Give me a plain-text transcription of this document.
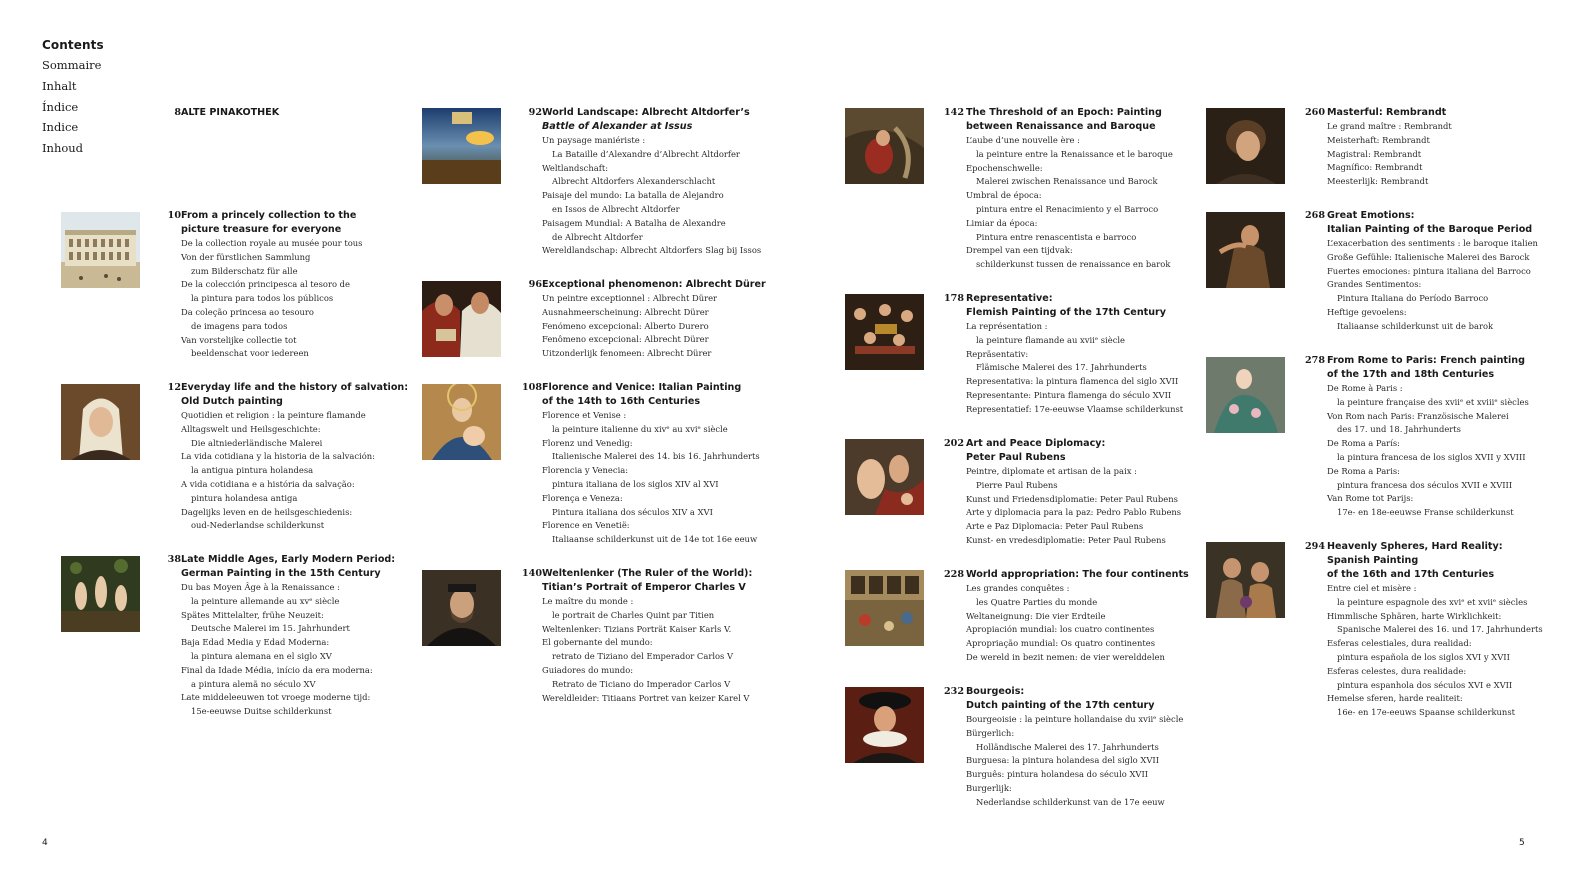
Contents
Sommaire
Inhalt
Índice
Indice
Inhoud
8 ALTE PINAKOTHEK
10 From a princely collection to the
picture treasure for everyone
De la collection royale au musée pour tous
Von der fürstlichen Sammlung
zum Bilderschatz für alle
De la colección principesca al tesoro de
la pintura para todos los públicos
Da coleção princesa ao tesouro
de imagens para todos
Van vorstelijke collectie tot
beeldenschat voor iedereen
12 Everyday life and the history of salvation:
Old Dutch painting
Quotidien et religion : la peinture flamande
Alltagswelt und Heilsgeschichte:
Die altniederländische Malerei
La vida cotidiana y la historia de la salvación:
la antigua pintura holandesa
A vida cotidiana e a história da salvação:
pintura holandesa antiga
Dagelijks leven en de heilsgeschiedenis:
oud-Nederlandse schilderkunst
38 Late Middle Ages, Early Modern Period:
German Painting in the 15th Century
Du bas Moyen Âge à la Renaissance :
la peinture allemande au xvᵉ siècle
Spätes Mittelalter, frühe Neuzeit:
Deutsche Malerei im 15. Jahrhundert
Baja Edad Media y Edad Moderna:
la pintura alemana en el siglo XV
Final da Idade Média, início da era moderna:
a pintura alemã no século XV
Late middeleeuwen tot vroege moderne tijd:
15e-eeuwse Duitse schilderkunst
92 World Landscape: Albrecht Altdorfer’s
Battle of Alexander at Issus
Un paysage maniériste :
La Bataille d’Alexandre d’Albrecht Altdorfer
Weltlandschaft:
Albrecht Altdorfers Alexanderschlacht
Paisaje del mundo: La batalla de Alejandro
en Issos de Albrecht Altdorfer
Paisagem Mundial: A Batalha de Alexandre
de Albrecht Altdorfer
Wereldlandschap: Albrecht Altdorfers Slag bij Issos
96 Exceptional phenomenon: Albrecht Dürer
Un peintre exceptionnel : Albrecht Dürer
Ausnahmeerscheinung: Albrecht Dürer
Fenómeno excepcional: Alberto Durero
Fenômeno excepcional: Albrecht Dürer
Uitzonderlijk fenomeen: Albrecht Dürer
108 Florence and Venice: Italian Painting
of the 14th to 16th Centuries
Florence et Venise :
la peinture italienne du xivᵉ au xviᵉ siècle
Florenz und Venedig:
Italienische Malerei des 14. bis 16. Jahrhunderts
Florencia y Venecia:
pintura italiana de los siglos XIV al XVI
Florença e Veneza:
Pintura italiana dos séculos XIV a XVI
Florence en Venetië:
Italiaanse schilderkunst uit de 14e tot 16e eeuw
140 Weltenlenker (The Ruler of the World):
Titian’s Portrait of Emperor Charles V
Le maître du monde :
le portrait de Charles Quint par Titien
Weltenlenker: Tizians Porträt Kaiser Karls V.
El gobernante del mundo:
retrato de Tiziano del Emperador Carlos V
Guiadores do mundo:
Retrato de Ticiano do Imperador Carlos V
Wereldleider: Titiaans Portret van keizer Karel V
142 The Threshold of an Epoch: Painting
between Renaissance and Baroque
L’aube d’une nouvelle ère :
la peinture entre la Renaissance et le baroque
Epochenschwelle:
Malerei zwischen Renaissance und Barock
Umbral de época:
pintura entre el Renacimiento y el Barroco
Limiar da época:
Pintura entre renascentista e barroco
Drempel van een tijdvak:
schilderkunst tussen de renaissance en barok
178 Representative:
Flemish Painting of the 17th Century
La représentation :
la peinture flamande au xviiᵉ siècle
Repräsentativ:
Flämische Malerei des 17. Jahrhunderts
Representativa: la pintura flamenca del siglo XVII
Representante: Pintura flamenga do século XVII
Representatief: 17e-eeuwse Vlaamse schilderkunst
202 Art and Peace Diplomacy:
Peter Paul Rubens
Peintre, diplomate et artisan de la paix :
Pierre Paul Rubens
Kunst und Friedensdiplomatie: Peter Paul Rubens
Arte y diplomacia para la paz: Pedro Pablo Rubens
Arte e Paz Diplomacia: Peter Paul Rubens
Kunst- en vredesdiplomatie: Peter Paul Rubens
228 World appropriation: The four continents
Les grandes conquêtes :
les Quatre Parties du monde
Weltaneignung: Die vier Erdteile
Apropiación mundial: los cuatro continentes
Apropriação mundial: Os quatro continentes
De wereld in bezit nemen: de vier werelddelen
232 Bourgeois:
Dutch painting of the 17th century
Bourgeoisie : la peinture hollandaise du xviiᵉ siècle
Bürgerlich:
Holländische Malerei des 17. Jahrhunderts
Burguesa: la pintura holandesa del siglo XVII
Burguês: pintura holandesa do século XVII
Burgerlijk:
Nederlandse schilderkunst van de 17e eeuw
260 Masterful: Rembrandt
Le grand maître : Rembrandt
Meisterhaft: Rembrandt
Magistral: Rembrandt
Magnífico: Rembrandt
Meesterlijk: Rembrandt
268 Great Emotions:
Italian Painting of the Baroque Period
L’exacerbation des sentiments : le baroque italien
Große Gefühle: Italienische Malerei des Barock
Fuertes emociones: pintura italiana del Barroco
Grandes Sentimentos:
Pintura Italiana do Período Barroco
Heftige gevoelens:
Italiaanse schilderkunst uit de barok
278 From Rome to Paris: French painting
of the 17th and 18th Centuries
De Rome à Paris :
la peinture française des xviiᵉ et xviiiᵉ siècles
Von Rom nach Paris: Französische Malerei
des 17. und 18. Jahrhunderts
De Roma a París:
la pintura francesa de los siglos XVII y XVIII
De Roma a Paris:
pintura francesa dos séculos XVII e XVIII
Van Rome tot Parijs:
17e- en 18e-eeuwse Franse schilderkunst
294 Heavenly Spheres, Hard Reality:
Spanish Painting
of the 16th and 17th Centuries
Entre ciel et misère :
la peinture espagnole des xviᵉ et xviiᵉ siècles
Himmlische Sphären, harte Wirklichkeit:
Spanische Malerei des 16. und 17. Jahrhunderts
Esferas celestiales, dura realidad:
pintura española de los siglos XVI y XVII
Esferas celestes, dura realidade:
pintura espanhola dos séculos XVI e XVII
Hemelse sferen, harde realiteit:
16e- en 17e-eeuws Spaanse schilderkunst
4	5
